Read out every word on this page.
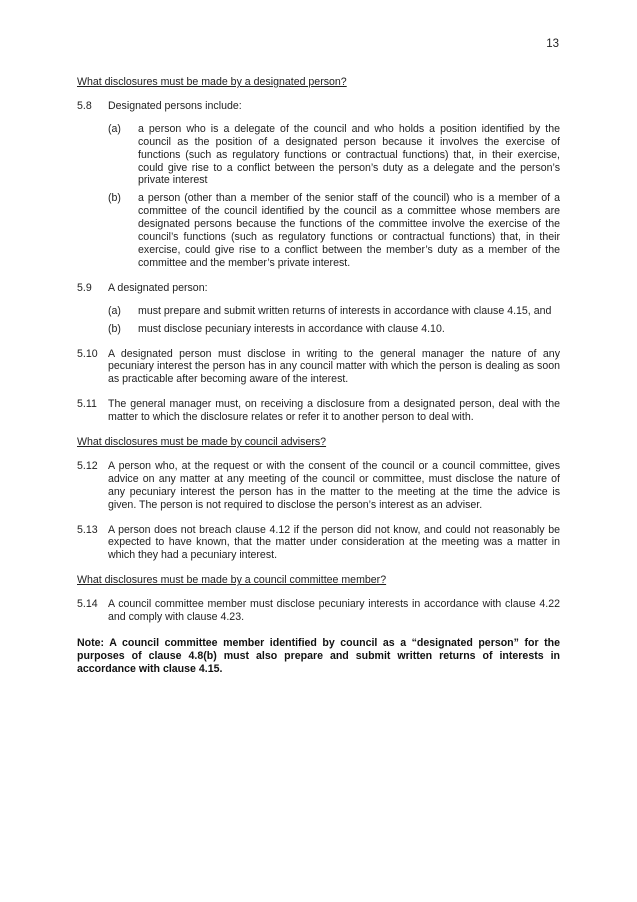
13
What disclosures must be made by a designated person?
5.8	Designated persons include:
(a)	a person who is a delegate of the council and who holds a position identified by the council as the position of a designated person because it involves the exercise of functions (such as regulatory functions or contractual functions) that, in their exercise, could give rise to a conflict between the person’s duty as a delegate and the person’s private interest
(b)	a person (other than a member of the senior staff of the council) who is a member of a committee of the council identified by the council as a committee whose members are designated persons because the functions of the committee involve the exercise of the council’s functions (such as regulatory functions or contractual functions) that, in their exercise, could give rise to a conflict between the member’s duty as a member of the committee and the member’s private interest.
5.9	A designated person:
(a)	must prepare and submit written returns of interests in accordance with clause 4.15, and
(b)	must disclose pecuniary interests in accordance with clause 4.10.
5.10 A designated person must disclose in writing to the general manager the nature of any pecuniary interest the person has in any council matter with which the person is dealing as soon as practicable after becoming aware of the interest.
5.11	The general manager must, on receiving a disclosure from a designated person, deal with the matter to which the disclosure relates or refer it to another person to deal with.
What disclosures must be made by council advisers?
5.12 A person who, at the request or with the consent of the council or a council committee, gives advice on any matter at any meeting of the council or committee, must disclose the nature of any pecuniary interest the person has in the matter to the meeting at the time the advice is given. The person is not required to disclose the person’s interest as an adviser.
5.13 A person does not breach clause 4.12 if the person did not know, and could not reasonably be expected to have known, that the matter under consideration at the meeting was a matter in which they had a pecuniary interest.
What disclosures must be made by a council committee member?
5.14 A council committee member must disclose pecuniary interests in accordance with clause 4.22 and comply with clause 4.23.
Note: A council committee member identified by council as a “designated person” for the purposes of clause 4.8(b) must also prepare and submit written returns of interests in accordance with clause 4.15.
